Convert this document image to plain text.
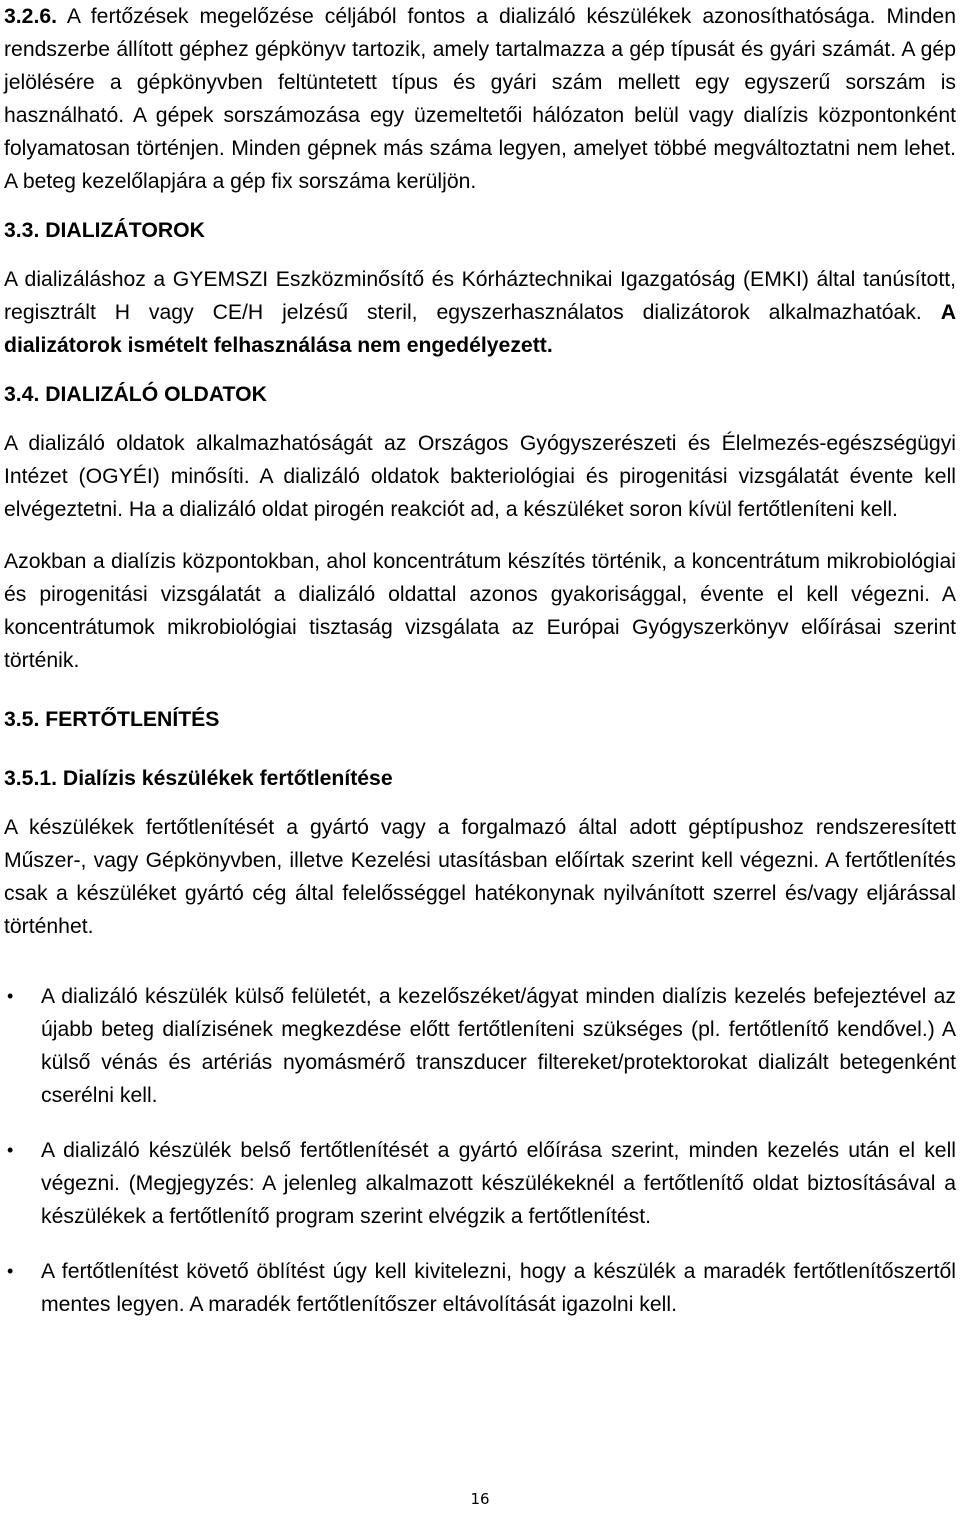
3.2.6. A fertőzések megelőzése céljából fontos a dializáló készülékek azonosíthatósága. Minden rendszerbe állított géphez gépkönyv tartozik, amely tartalmazza a gép típusát és gyári számát. A gép jelölésére a gépkönyvben feltüntetett típus és gyári szám mellett egy egyszerű sorszám is használható. A gépek sorszámozása egy üzemeltetői hálózaton belül vagy dialízis központonként folyamatosan történjen. Minden gépnek más száma legyen, amelyet többé megváltoztatni nem lehet. A beteg kezelőlapjára a gép fix sorszáma kerüljön.

3.3. DIALIZÁTOROK

A dializáláshoz a GYEMSZI Eszközminősítő és Kórháztechnikai Igazgatóság (EMKI) által tanúsított, regisztrált H vagy CE/H jelzésű steril, egyszerhasználatos dializátorok alkalmazhatóak. A dializátorok ismételt felhasználása nem engedélyezett.

3.4. DIALIZÁLÓ OLDATOK

A dializáló oldatok alkalmazhatóságát az Országos Gyógyszerészeti és Élelmezés-egészségügyi Intézet (OGYÉI) minősíti. A dializáló oldatok bakteriológiai és pirogenitási vizsgálatát évente kell elvégeztetni. Ha a dializáló oldat pirogén reakciót ad, a készüléket soron kívül fertőtleníteni kell.

Azokban a dialízis központokban, ahol koncentrátum készítés történik, a koncentrátum mikrobiológiai és pirogenitási vizsgálatát a dializáló oldattal azonos gyakorisággal, évente el kell végezni. A koncentrátumok mikrobiológiai tisztaság vizsgálata az Európai Gyógyszerkönyv előírásai szerint történik.

3.5. FERTŐTLENÍTÉS
3.5.1. Dialízis készülékek fertőtlenítése

A készülékek fertőtlenítését a gyártó vagy a forgalmazó által adott géptípushoz rendszeresített Műszer-, vagy Gépkönyvben, illetve Kezelési utasításban előírtak szerint kell végezni. A fertőtlenítés csak a készüléket gyártó cég által felelősséggel hatékonynak nyilvánított szerrel és/vagy eljárással történhet.

• A dializáló készülék külső felületét, a kezelőszéket/ágyat minden dialízis kezelés befejeztével az újabb beteg dialízisének megkezdése előtt fertőtleníteni szükséges (pl. fertőtlenítő kendővel.) A külső vénás és artériás nyomásmérő transzducer filtereket/protektorokat dializált betegenként cserélni kell.
• A dializáló készülék belső fertőtlenítését a gyártó előírása szerint, minden kezelés után el kell végezni. (Megjegyzés: A jelenleg alkalmazott készülékeknél a fertőtlenítő oldat biztosításával a készülékek a fertőtlenítő program szerint elvégzik a fertőtlenítést.
• A fertőtlenítést követő öblítést úgy kell kivitelezni, hogy a készülék a maradék fertőtlenítőszertől mentes legyen. A maradék fertőtlenítőszer eltávolítását igazolni kell.
16
